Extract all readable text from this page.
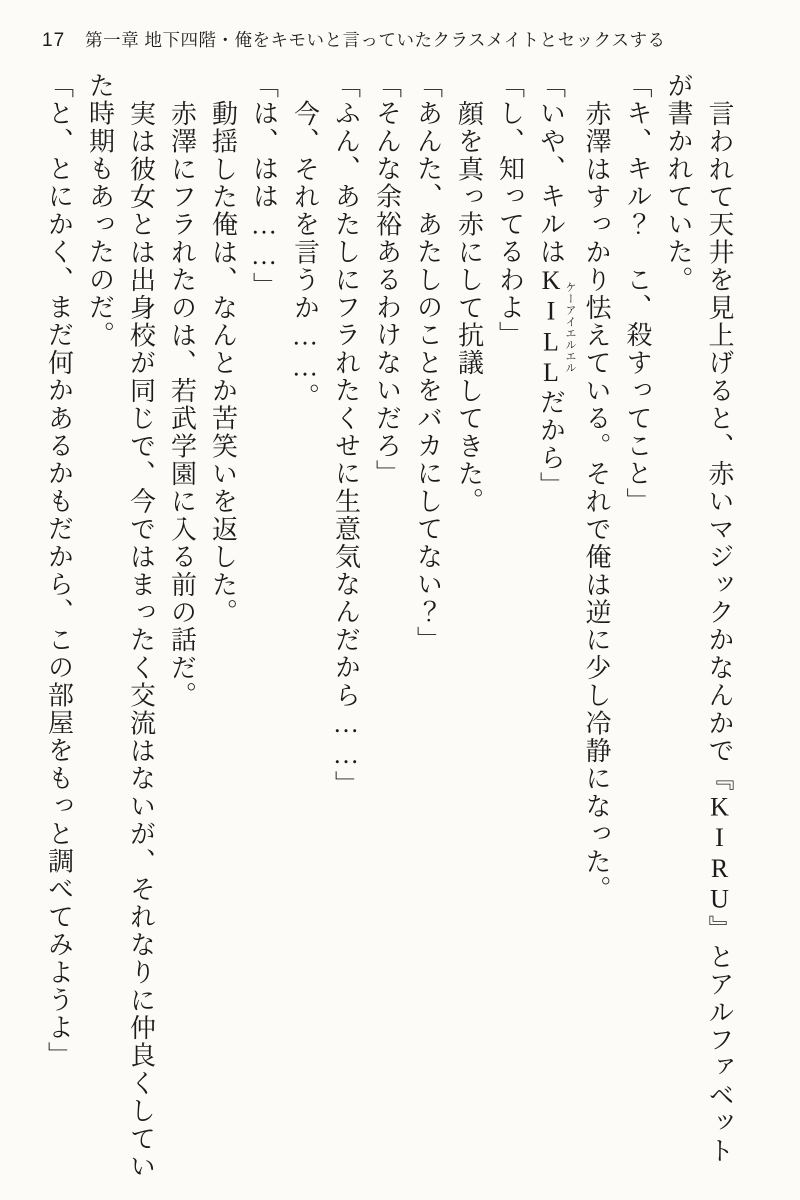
17 第一章 地下四階・俺をキモいと言っていたクラスメイトとセックスする

言われて天井を見上げると、赤いマジックかなんかで『KIRU』とアルファベットが書かれていた。

「キ、キル？　こ、殺すってこと」

赤澤はすっかり怯えている。それで俺は逆に少し冷静になった。

「いや、キルはKILLケーアイエルエルだから」

「し、知ってるわよ」

顔を真っ赤にして抗議してきた。

「あんた、あたしのことをバカにしてない？」

「そんな余裕あるわけないだろ」

「ふん、あたしにフラれたくせに生意気なんだから……」

今、それを言うか……。

「は、はは……」

動揺した俺は、なんとか苦笑いを返した。

赤澤にフラれたのは、若武学園に入る前の話だ。

実は彼女とは出身校が同じで、今ではまったく交流はないが、それなりに仲良くしていた時期もあったのだ。

「と、とにかく、まだ何かあるかもだから、この部屋をもっと調べてみようよ」
